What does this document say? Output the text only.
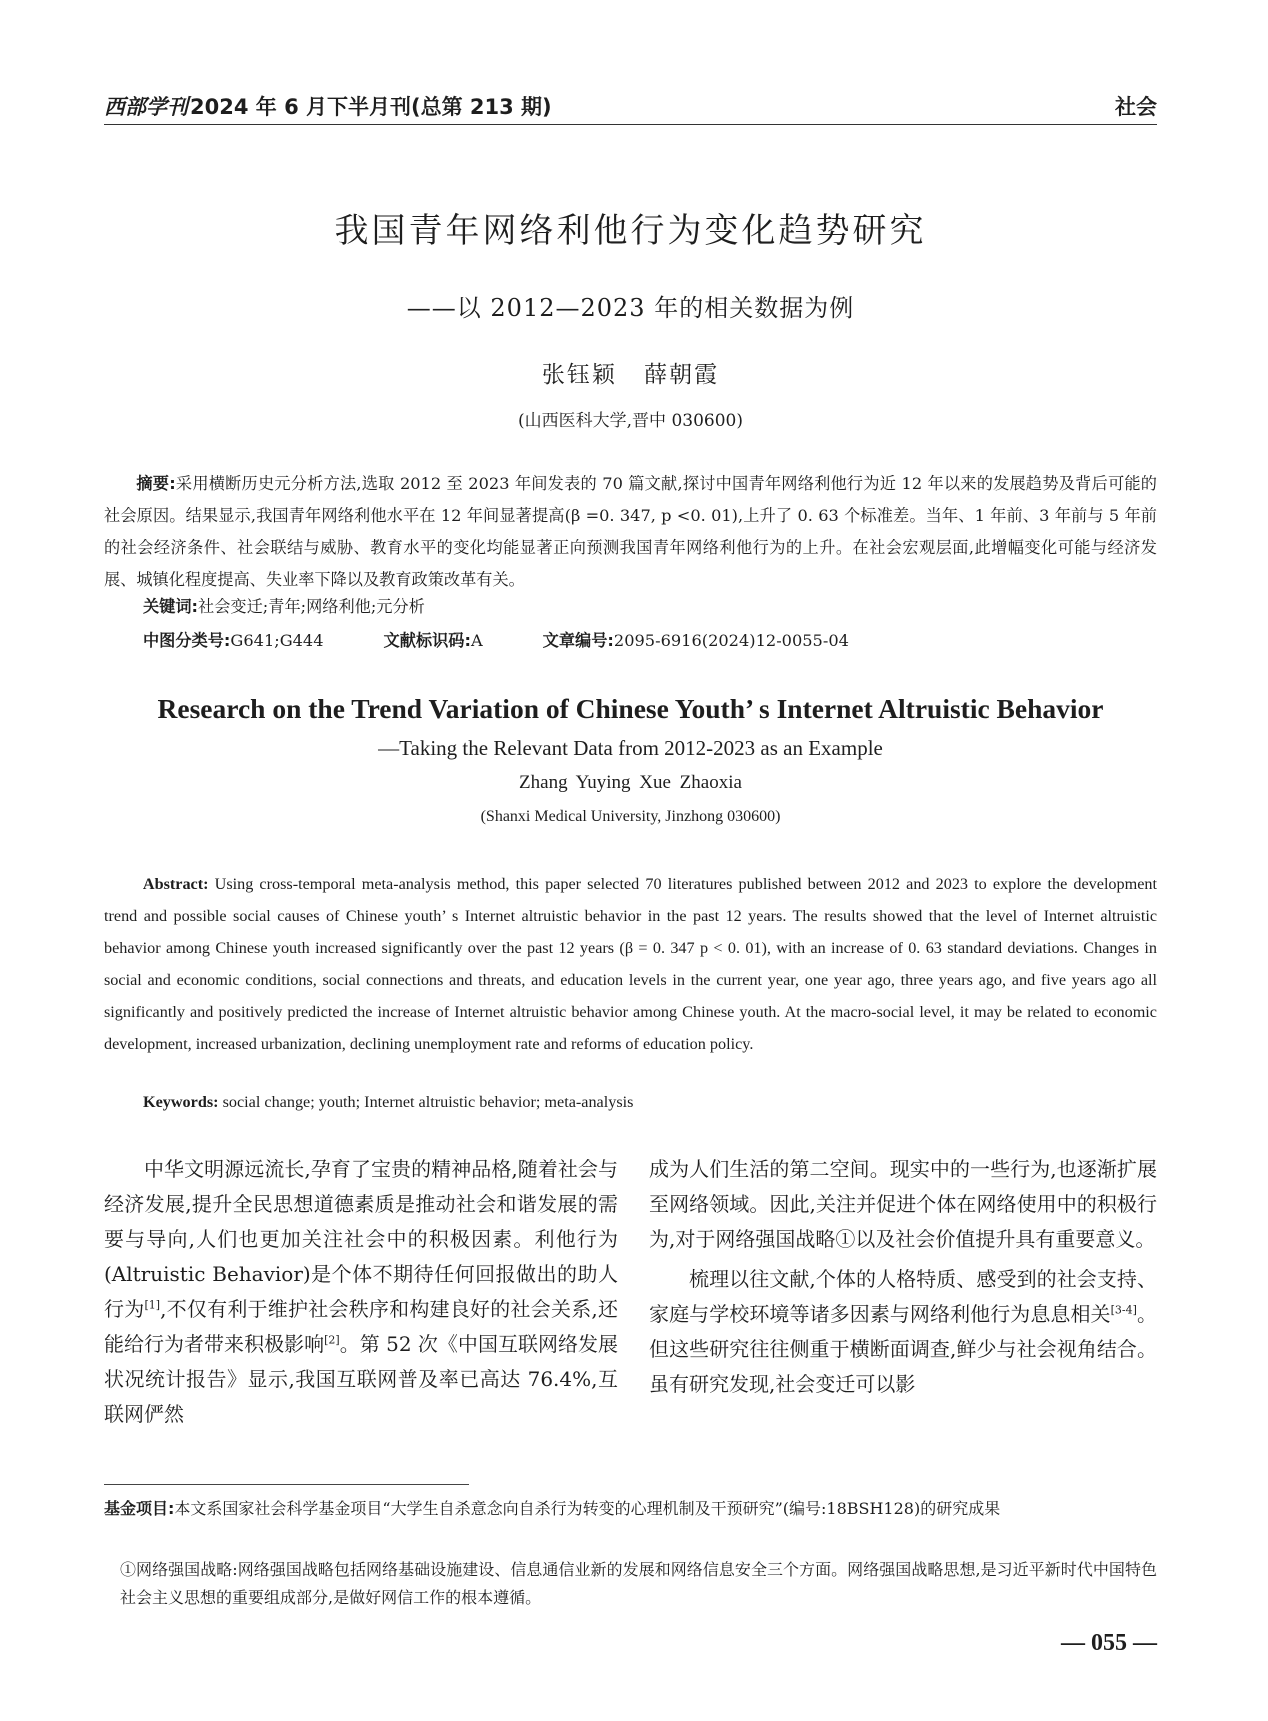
西部学刊2024 年 6 月下半月刊(总第 213 期)	社会
我国青年网络利他行为变化趋势研究
——以 2012—2023 年的相关数据为例
张钰颖 薛朝霞
(山西医科大学,晋中 030600)
摘要:采用横断历史元分析方法,选取 2012 至 2023 年间发表的 70 篇文献,探讨中国青年网络利他行为近 12 年以来的发展趋势及背后可能的社会原因。结果显示,我国青年网络利他水平在 12 年间显著提高(β =0. 347, p <0. 01),上升了 0. 63 个标准差。当年、1 年前、3 年前与 5 年前的社会经济条件、社会联结与威胁、教育水平的变化均能显著正向预测我国青年网络利他行为的上升。在社会宏观层面,此增幅变化可能与经济发展、城镇化程度提高、失业率下降以及教育政策改革有关。
关键词:社会变迁;青年;网络利他;元分析
中图分类号:G641;G444	文献标识码:A	文章编号:2095-6916(2024)12-0055-04
Research on the Trend Variation of Chinese Youth’ s Internet Altruistic Behavior
—Taking the Relevant Data from 2012-2023 as an Example
Zhang Yuying Xue Zhaoxia
(Shanxi Medical University, Jinzhong 030600)
Abstract: Using cross-temporal meta-analysis method, this paper selected 70 literatures published between 2012 and 2023 to explore the development trend and possible social causes of Chinese youth’ s Internet altruistic behavior in the past 12 years. The results showed that the level of Internet altruistic behavior among Chinese youth increased significantly over the past 12 years (β = 0. 347 p < 0. 01), with an increase of 0. 63 standard deviations. Changes in social and economic conditions, social connections and threats, and education levels in the current year, one year ago, three years ago, and five years ago all significantly and positively predicted the increase of Internet altruistic behavior among Chinese youth. At the macro-social level, it may be related to economic development, increased urbanization, declining unemployment rate and reforms of education policy.
Keywords: social change; youth; Internet altruistic behavior; meta-analysis

中华文明源远流长,孕育了宝贵的精神品格,随着社会与经济发展,提升全民思想道德素质是推动社会和谐发展的需要与导向,人们也更加关注社会中的积极因素。利他行为(Altruistic Behavior)是个体不期待任何回报做出的助人行为[1],不仅有利于维护社会秩序和构建良好的社会关系,还能给行为者带来积极影响[2]。第 52 次《中国互联网络发展状况统计报告》显示,我国互联网普及率已高达 76.4%,互联网俨然

成为人们生活的第二空间。现实中的一些行为,也逐渐扩展至网络领域。因此,关注并促进个体在网络使用中的积极行为,对于网络强国战略①以及社会价值提升具有重要意义。

梳理以往文献,个体的人格特质、感受到的社会支持、家庭与学校环境等诸多因素与网络利他行为息息相关[3-4]。但这些研究往往侧重于横断面调查,鲜少与社会视角结合。虽有研究发现,社会变迁可以影

基金项目:本文系国家社会科学基金项目“大学生自杀意念向自杀行为转变的心理机制及干预研究”(编号:18BSH128)的研究成果
①网络强国战略:网络强国战略包括网络基础设施建设、信息通信业新的发展和网络信息安全三个方面。网络强国战略思想,是习近平新时代中国特色社会主义思想的重要组成部分,是做好网信工作的根本遵循。
— 055 —
